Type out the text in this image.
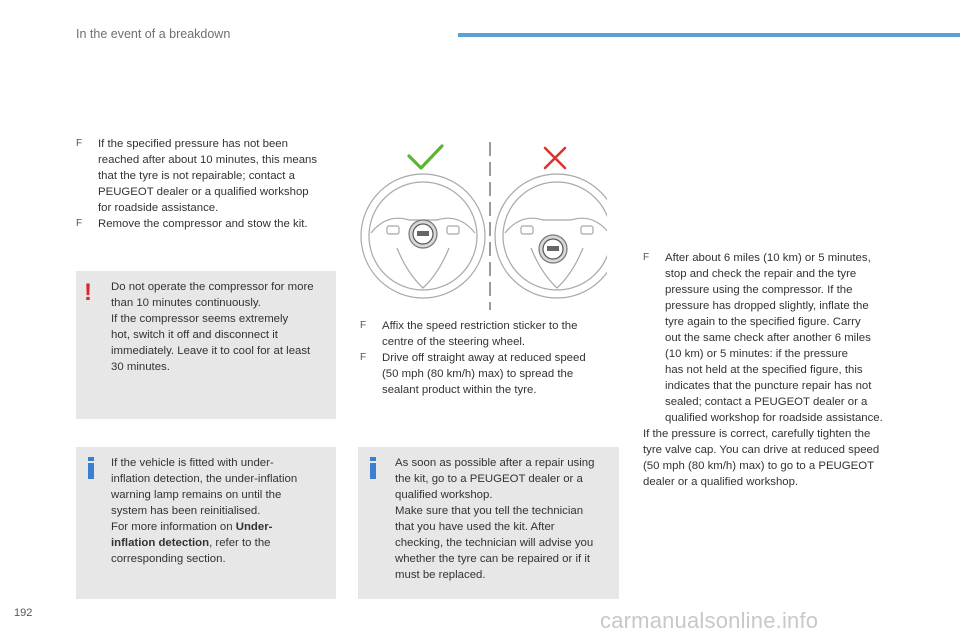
In the event of a breakdown
F If the specified pressure has not been
reached after about 10 minutes, this means
that the tyre is not repairable; contact a
PEUGEOT dealer or a qualified workshop
for roadside assistance.
F Remove the compressor and stow the kit.
Do not operate the compressor for more
than 10 minutes continuously.
If the compressor seems extremely
hot, switch it off and disconnect it
immediately. Leave it to cool for at least
30 minutes.
!
If the vehicle is fitted with under-
inflation detection, the under-inflation
warning lamp remains on until the
system has been reinitialised.
For more information on Under-
inflation detection, refer to the
corresponding section.
F Affix the speed restriction sticker to the
centre of the steering wheel.
F Drive off straight away at reduced speed
(50 mph (80 km/h) max) to spread the
sealant product within the tyre.
As soon as possible after a repair using
the kit, go to a PEUGEOT dealer or a
qualified workshop.
Make sure that you tell the technician
that you have used the kit. After
checking, the technician will advise you
whether the tyre can be repaired or if it
must be replaced.
F After about 6 miles (10 km) or 5 minutes,
stop and check the repair and the tyre
pressure using the compressor. If the
pressure has dropped slightly, inflate the
tyre again to the specified figure. Carry
out the same check after another 6 miles
(10 km) or 5 minutes: if the pressure
has not held at the specified figure, this
indicates that the puncture repair has not
sealed; contact a PEUGEOT dealer or a
qualified workshop for roadside assistance.

If the pressure is correct, carefully tighten the
tyre valve cap. You can drive at reduced speed
(50 mph (80 km/h) max) to go to a PEUGEOT
dealer or a qualified workshop.

192	carmanualsonline.info
